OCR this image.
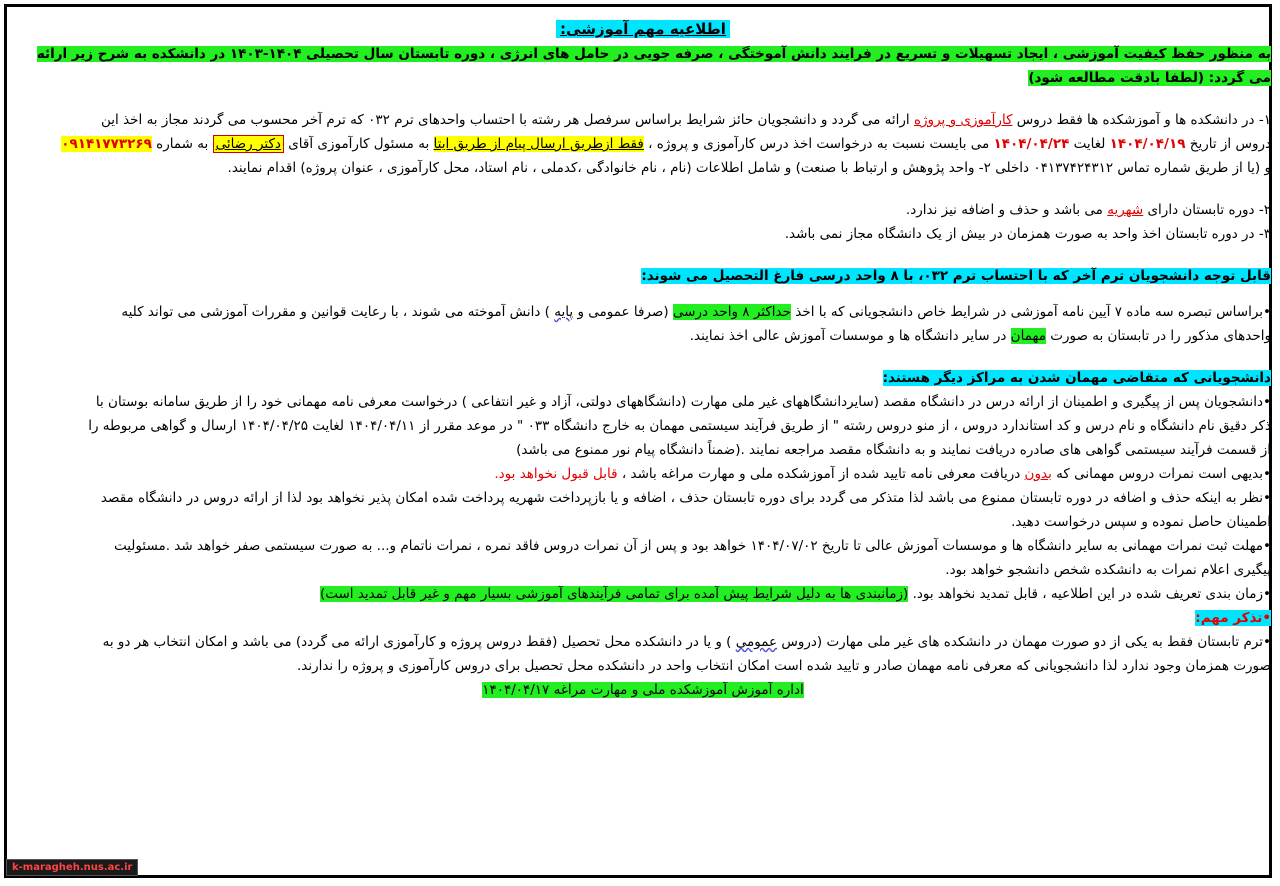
اطلاعیه مهم آموزشی:
به منظور حفظ کیفیت آموزشی ، ایجاد تسهیلات و تسریع در فرایند دانش آموختگی ، صرفه جویی در حامل های انرژی ، دوره تابستان سال تحصیلی ۱۴۰۴-۱۴۰۳ در دانشکده به شرح زیر ارائه
می گردد: (لطفا بادقت مطالعه شود)
۱- در دانشکده ها و آموزشکده ها فقط دروس کارآموزی و پروژه ارائه می گردد و دانشجویان حائز شرایط براساس سرفصل هر رشته با احتساب واحدهای ترم ۰۳۲ که ترم آخر محسوب می گردند مجاز به اخذ این
دروس از تاریخ ۱۴۰۴/۰۴/۱۹ لغایت ۱۴۰۴/۰۴/۲۴ می بایست نسبت به درخواست اخذ درس کارآموزی و پروژه ، فقط ازطریق ارسال پیام از طریق ایتا به مسئول کارآموزی آقای دکتر رضائی به شماره ۰۹۱۴۱۷۷۳۲۶۹
و (یا از طریق شماره تماس ۰۴۱۳۷۴۲۴۳۱۲ داخلی ۲- واحد پژوهش و ارتباط با صنعت) و شامل اطلاعات (نام ، نام خانوادگی ،کدملی ، نام استاد، محل کارآموزی ، عنوان پروژه) اقدام نمایند.
۲- دوره تابستان دارای شهریه می باشد و حذف و اضافه نیز ندارد.
۳- در دوره تابستان اخذ واحد به صورت همزمان در بیش از یک دانشگاه مجاز نمی باشد.
قابل توجه دانشجویان ترم آخر که با احتساب ترم ۰۳۲، با ۸ واحد درسی فارغ التحصیل می شوند:
•براساس تبصره سه ماده ۷ آیین نامه آموزشی در شرایط خاص دانشجویانی که با اخذ حداکثر ۸ واحد درسی (صرفا عمومی و پایه ) دانش آموخته می شوند ، با رعایت قوانین و مقررات آموزشی می تواند کلیه
واحدهای مذکور را در تابستان به صورت مهمان در سایر دانشگاه ها و موسسات آموزش عالی اخذ نمایند.
دانشجویانی که متقاضی مهمان شدن به مراکز دیگر هستند:
•دانشجویان پس از پیگیری و اطمینان از ارائه درس در دانشگاه مقصد (سایردانشگاههای غیر ملی مهارت (دانشگاههای دولتی، آزاد و غیر انتفاعی ) درخواست معرفی نامه مهمانی خود را از طریق سامانه بوستان با
ذکر دقیق نام دانشگاه و نام درس و کد استاندارد دروس ، از منو دروس رشته " از طریق فرآیند سیستمی مهمان به خارج دانشگاه ۰۳۳ " در موعد مقرر از ۱۴۰۴/۰۴/۱۱ لغایت ۱۴۰۴/۰۴/۲۵ ارسال و گواهی مربوطه را
از قسمت فرآیند سیستمی گواهی های صادره دریافت نمایند و به دانشگاه مقصد مراجعه نمایند .(ضمناً دانشگاه پیام نور ممنوع می باشد)
•بدیهی است نمرات دروس مهمانی که بدون دریافت معرفی نامه تایید شده از آموزشکده ملی و مهارت مراغه باشد ، قابل قبول نخواهد بود.
•نظر به اینکه حذف و اضافه در دوره تابستان ممنوع می باشد لذا متذکر می گردد برای دوره تابستان حذف ، اضافه و یا بازپرداخت شهریه پرداخت شده امکان پذیر نخواهد بود لذا از ارائه دروس در دانشگاه مقصد
اطمینان حاصل نموده و سپس درخواست دهید.
•مهلت ثبت نمرات مهمانی به سایر دانشگاه ها و موسسات آموزش عالی تا تاریخ ۱۴۰۴/۰۷/۰۲ خواهد بود و پس از آن نمرات دروس فاقد نمره ، نمرات ناتمام و... به صورت سیستمی صفر خواهد شد .مسئولیت
پیگیری اعلام نمرات به دانشکده شخص دانشجو خواهد بود.
•زمان بندی تعریف شده در این اطلاعیه ، قابل تمدید نخواهد بود. (زمانبندی ها به دلیل شرایط پیش آمده برای تمامی فرآیندهای آموزشی بسیار مهم و غیر قابل تمدید است)
•تذکر مهم:
•ترم تابستان فقط به یکی از دو صورت مهمان در دانشکده های غیر ملی مهارت (دروس عمومی ) و یا در دانشکده محل تحصیل (فقط دروس پروژه و کارآموزی ارائه می گردد) می باشد و امکان انتخاب هر دو به
صورت همزمان وجود ندارد لذا دانشجویانی که معرفی نامه مهمان صادر و تایید شده است امکان انتخاب واحد در دانشکده محل تحصیل برای دروس کارآموزی و پروژه را ندارند.
اداره آموزش آموزشکده ملی و مهارت مراغه ۱۴۰۴/۰۴/۱۷
k-maragheh.nus.ac.ir
